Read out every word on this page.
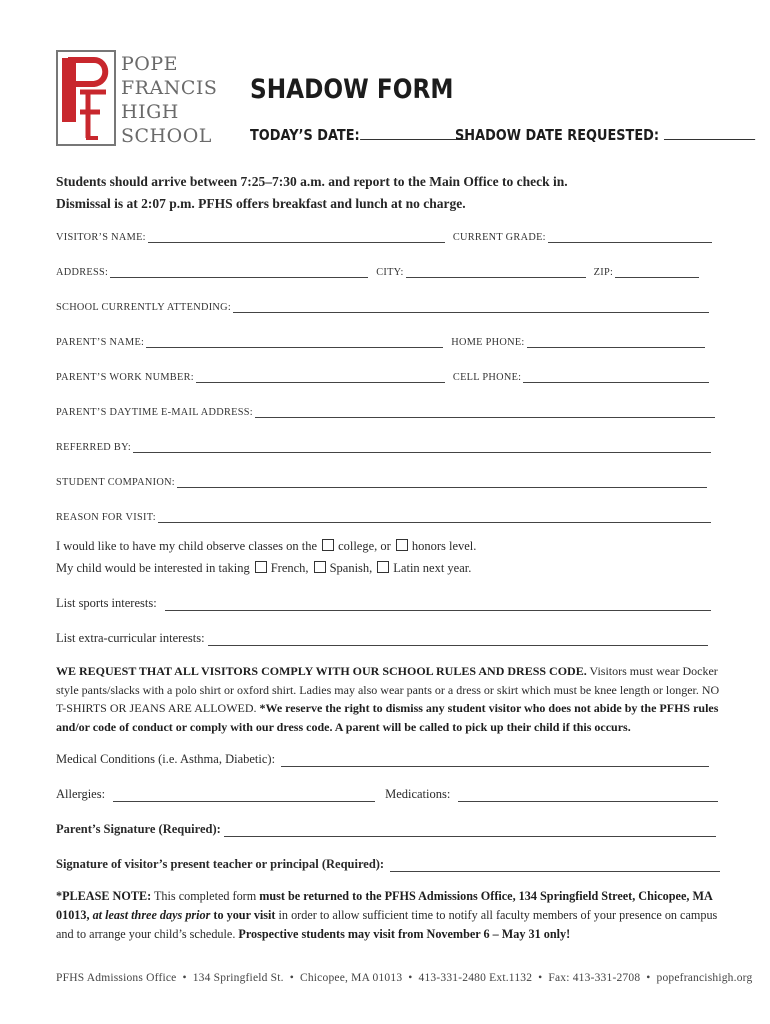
POPE
FRANCIS
HIGH
SCHOOL
SHADOW FORM
TODAY’S DATE:	SHADOW DATE REQUESTED:
Students should arrive between 7:25–7:30 a.m. and report to the Main Office to check in.
Dismissal is at 2:07 p.m. PFHS offers breakfast and lunch at no charge.
VISITOR’S NAME:	CURRENT GRADE:
ADDRESS:	CITY:	ZIP:
SCHOOL CURRENTLY ATTENDING:
PARENT’S NAME:	HOME PHONE:
PARENT’S WORK NUMBER:	CELL PHONE:
PARENT’S DAYTIME E-MAIL ADDRESS:
REFERRED BY:
STUDENT COMPANION:
REASON FOR VISIT:
I would like to have my child observe classes on the college, or honors level.
My child would be interested in taking French, Spanish, Latin next year.
List sports interests:
List extra-curricular interests:
WE REQUEST THAT ALL VISITORS COMPLY WITH OUR SCHOOL RULES AND DRESS CODE. Visitors must wear Docker style pants/slacks with a polo shirt or oxford shirt. Ladies may also wear pants or a dress or skirt which must be knee length or longer. NO T-SHIRTS OR JEANS ARE ALLOWED. *We reserve the right to dismiss any student visitor who does not abide by the PFHS rules and/or code of conduct or comply with our dress code. A parent will be called to pick up their child if this occurs.
Medical Conditions (i.e. Asthma, Diabetic):
Allergies:	Medications:
Parent’s Signature (Required):
Signature of visitor’s present teacher or principal (Required):
*PLEASE NOTE: This completed form must be returned to the PFHS Admissions Office, 134 Springfield Street, Chicopee, MA 01013, at least three days prior to your visit in order to allow sufficient time to notify all faculty members of your presence on campus and to arrange your child’s schedule. Prospective students may visit from November 6 – May 31 only!
PFHS Admissions Office • 134 Springfield St. • Chicopee, MA 01013 • 413-331-2480 Ext.1132 • Fax: 413-331-2708 • popefrancishigh.org
